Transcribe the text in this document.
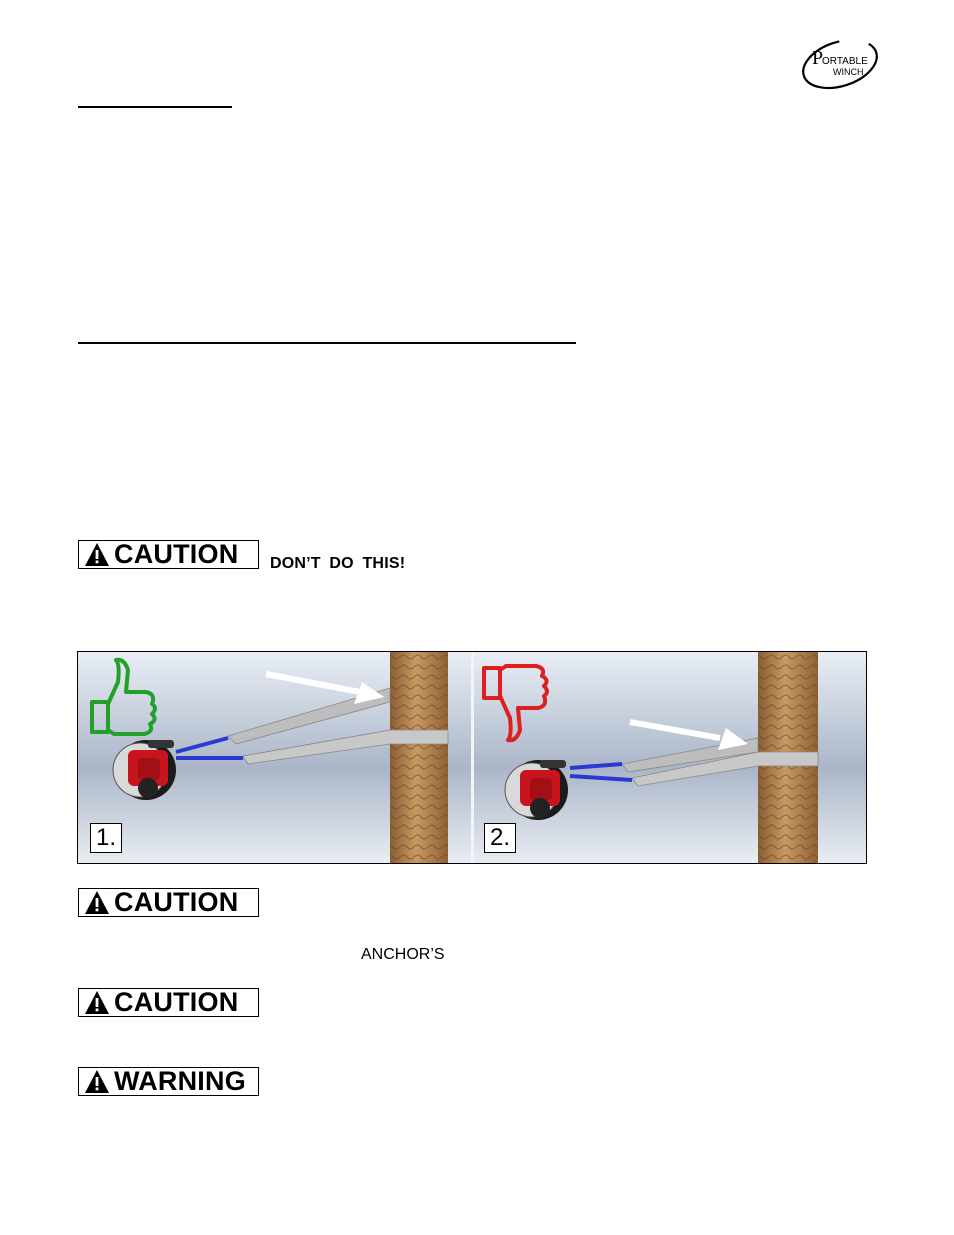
P
ORTABLE
WINCH
CAUTION DON’T DO THIS!
1.	2.
CAUTION
ANCHOR’S
CAUTION
WARNING
